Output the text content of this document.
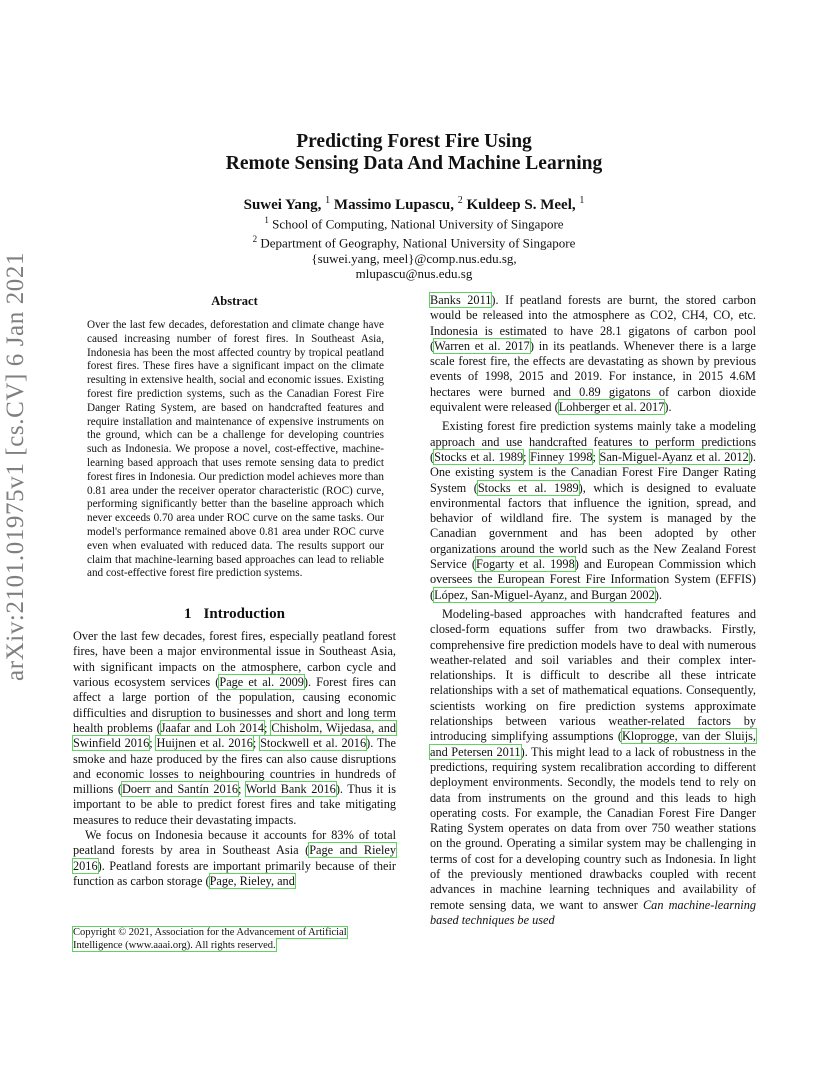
arXiv:2101.01975v1 [cs.CV] 6 Jan 2021
Predicting Forest Fire Using
Remote Sensing Data And Machine Learning
Suwei Yang, $^1$ Massimo Lupascu, $^2$ Kuldeep S. Meel, $^1$
$^1$ School of Computing, National University of Singapore
$^2$ Department of Geography, National University of Singapore
{suwei.yang, meel}@comp.nus.edu.sg,
mlupascu@nus.edu.sg
Abstract

Over the last few decades, deforestation and climate change have caused increasing number of forest fires. In Southeast Asia, Indonesia has been the most affected country by tropical peatland forest fires. These fires have a significant impact on the climate resulting in extensive health, social and economic issues. Existing forest fire prediction systems, such as the Canadian Forest Fire Danger Rating System, are based on handcrafted features and require installation and maintenance of expensive instruments on the ground, which can be a challenge for developing countries such as Indonesia. We propose a novel, cost-effective, machine-learning based approach that uses remote sensing data to predict forest fires in Indonesia. Our prediction model achieves more than 0.81 area under the receiver operator characteristic (ROC) curve, performing significantly better than the baseline approach which never exceeds 0.70 area under ROC curve on the same tasks. Our model's performance remained above 0.81 area under ROC curve even when evaluated with reduced data. The results support our claim that machine-learning based approaches can lead to reliable and cost-effective forest fire prediction systems.

1 Introduction

Over the last few decades, forest fires, especially peatland forest fires, have been a major environmental issue in Southeast Asia, with significant impacts on the atmosphere, carbon cycle and various ecosystem services (Page et al. 2009). Forest fires can affect a large portion of the population, causing economic difficulties and disruption to businesses and short and long term health problems (Jaafar and Loh 2014; Chisholm, Wijedasa, and Swinfield 2016; Huijnen et al. 2016; Stockwell et al. 2016). The smoke and haze produced by the fires can also cause disruptions and economic losses to neighbouring countries in hundreds of millions (Doerr and Santín 2016; World Bank 2016). Thus it is important to be able to predict forest fires and take mitigating measures to reduce their devastating impacts.

We focus on Indonesia because it accounts for 83% of total peatland forests by area in Southeast Asia (Page and Rieley 2016). Peatland forests are important primarily because of their function as carbon storage (Page, Rieley, and

Copyright © 2021, Association for the Advancement of Artificial Intelligence (www.aaai.org). All rights reserved.

Banks 2011). If peatland forests are burnt, the stored carbon would be released into the atmosphere as CO2, CH4, CO, etc. Indonesia is estimated to have 28.1 gigatons of carbon pool (Warren et al. 2017) in its peatlands. Whenever there is a large scale forest fire, the effects are devastating as shown by previous events of 1998, 2015 and 2019. For instance, in 2015 4.6M hectares were burned and 0.89 gigatons of carbon dioxide equivalent were released (Lohberger et al. 2017).

Existing forest fire prediction systems mainly take a modeling approach and use handcrafted features to perform predictions (Stocks et al. 1989; Finney 1998; San-Miguel-Ayanz et al. 2012). One existing system is the Canadian Forest Fire Danger Rating System (Stocks et al. 1989), which is designed to evaluate environmental factors that influence the ignition, spread, and behavior of wildland fire. The system is managed by the Canadian government and has been adopted by other organizations around the world such as the New Zealand Forest Service (Fogarty et al. 1998) and European Commission which oversees the European Forest Fire Information System (EFFIS) (López, San-Miguel-Ayanz, and Burgan 2002).

Modeling-based approaches with handcrafted features and closed-form equations suffer from two drawbacks. Firstly, comprehensive fire prediction models have to deal with numerous weather-related and soil variables and their complex inter-relationships. It is difficult to describe all these intricate relationships with a set of mathematical equations. Consequently, scientists working on fire prediction systems approximate relationships between various weather-related factors by introducing simplifying assumptions (Kloprogge, van der Sluijs, and Petersen 2011). This might lead to a lack of robustness in the predictions, requiring system recalibration according to different deployment environments. Secondly, the models tend to rely on data from instruments on the ground and this leads to high operating costs. For example, the Canadian Forest Fire Danger Rating System operates on data from over 750 weather stations on the ground. Operating a similar system may be challenging in terms of cost for a developing country such as Indonesia. In light of the previously mentioned drawbacks coupled with recent advances in machine learning techniques and availability of remote sensing data, we want to answer Can machine-learning based techniques be used
